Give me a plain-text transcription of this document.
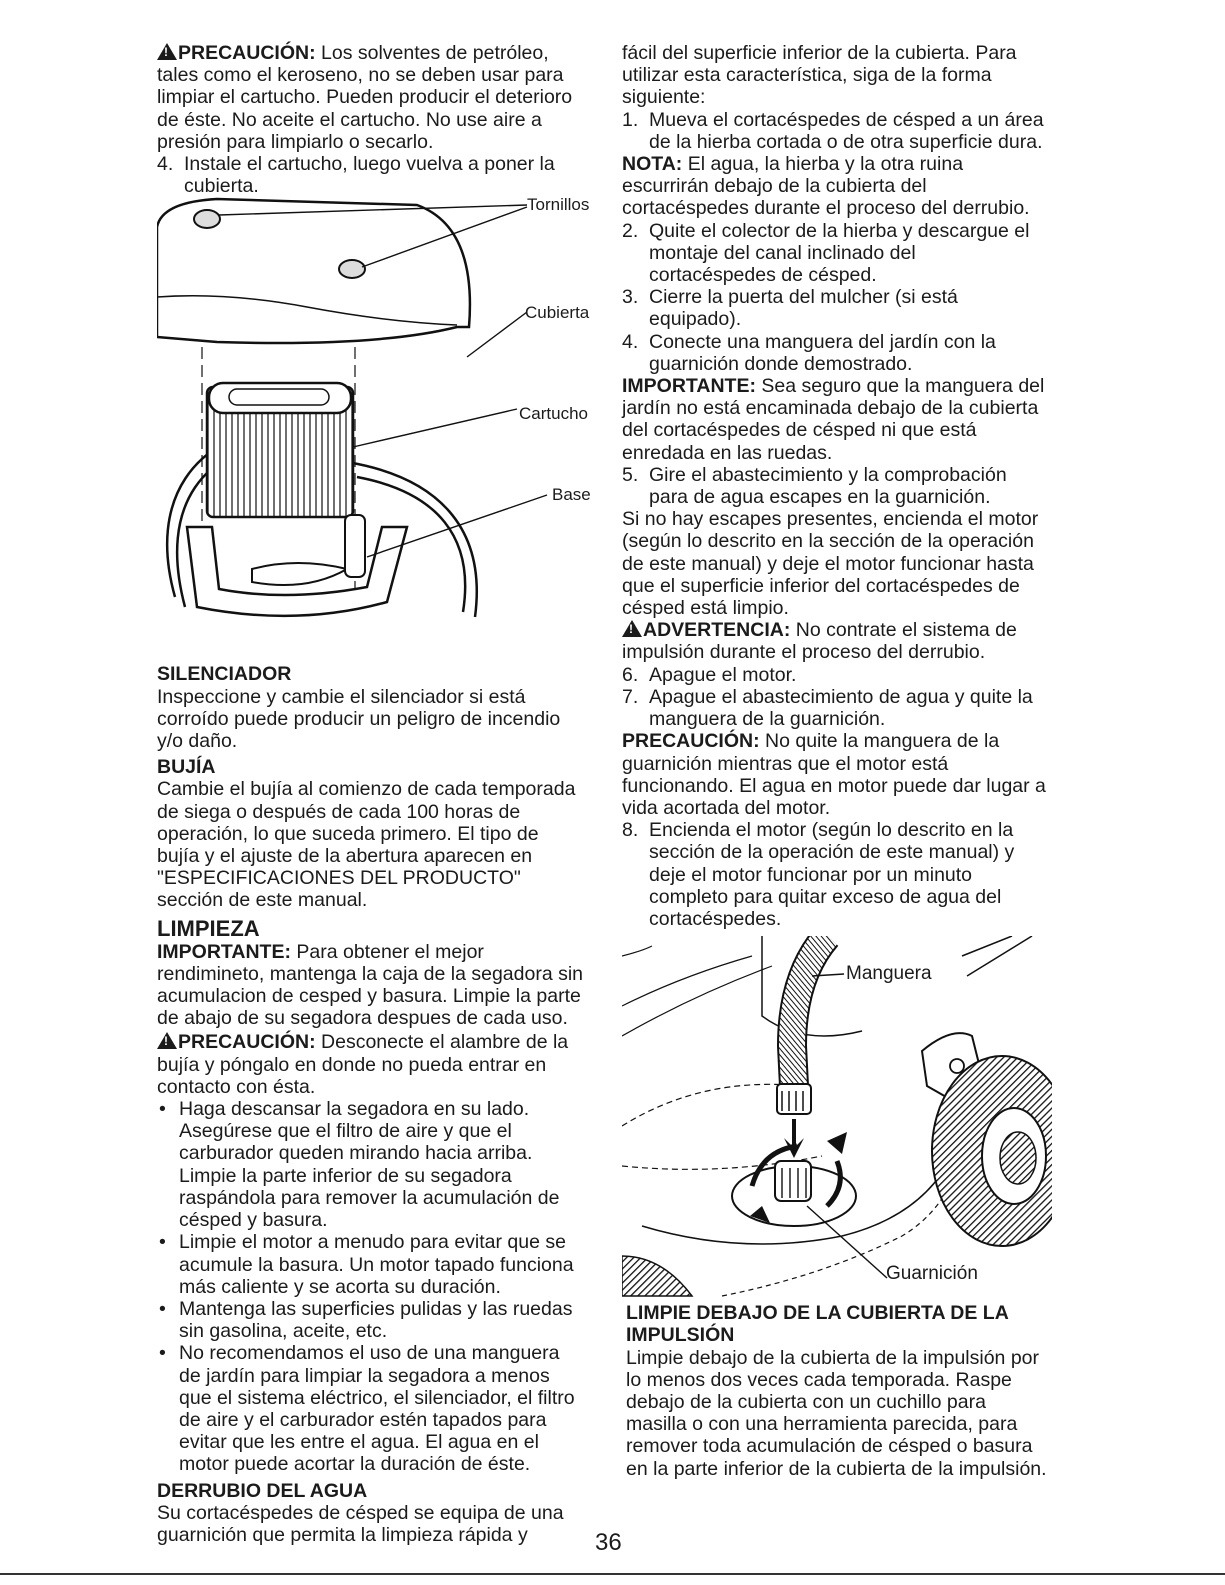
!PRECAUCIÓN: Los solventes de petróleo, tales como el keroseno, no se deben usar para limpiar el cartucho. Pueden producir el deterioro de éste. No aceite el cartucho. No use aire a presión para limpiarlo o secarlo.

4. Instale el cartucho, luego vuelva a poner la cubierta.
Tornillos
Cubierta
Cartucho
Base

SILENCIADOR

Inspeccione y cambie el silenciador si está corroído puede producir un peligro de incendio y/o daño.

BUJÍA

Cambie el bujía al comienzo de cada temporada de siega o después de cada 100 horas de operación, lo que suceda primero. El tipo de bujía y el ajuste de la abertura aparecen en "ESPECIFICACIONES DEL PRODUCTO" sección de este manual.

LIMPIEZA

IMPORTANTE: Para obtener el mejor rendimineto, mantenga la caja de la segadora sin acumulacion de cesped y basura. Limpie la parte de abajo de su segadora despues de cada uso.

!PRECAUCIÓN: Desconecte el alambre de la bujía y póngalo en donde no pueda entrar en contacto con ésta.

• Haga descansar la segadora en su lado. Asegúrese que el filtro de aire y que el carburador queden mirando hacia arriba. Limpie la parte inferior de su segadora raspándola para remover la acumulación de césped y basura.
• Limpie el motor a menudo para evitar que se acumule la basura. Un motor tapado funciona más caliente y se acorta su duración.
• Mantenga las superficies pulidas y las ruedas sin gasolina, aceite, etc.
• No recomendamos el uso de una manguera de jardín para limpiar la segadora a menos que el sistema eléctrico, el silenciador, el filtro de aire y el carburador estén tapados para evitar que les entre el agua. El agua en el motor puede acortar la duración de éste.

DERRUBIO DEL AGUA

Su cortacéspedes de césped se equipa de una guarnición que permita la limpieza rápida y

fácil del superficie inferior de la cubierta. Para utilizar esta característica, siga de la forma siguiente:

1. Mueva el cortacéspedes de césped a un área de la hierba cortada o de otra superficie dura.

NOTA: El agua, la hierba y la otra ruina escurrirán debajo de la cubierta del cortacéspedes durante el proceso del derrubio.

2. Quite el colector de la hierba y descargue el montaje del canal inclinado del cortacéspedes de césped.
3. Cierre la puerta del mulcher (si está equipado).
4. Conecte una manguera del jardín con la guarnición donde demostrado.

IMPORTANTE: Sea seguro que la manguera del jardín no está encaminada debajo de la cubierta del cortacéspedes de césped ni que está enredada en las ruedas.

5. Gire el abastecimiento y la comprobación para de agua escapes en la guarnición.

Si no hay escapes presentes, encienda el motor (según lo descrito en la sección de la operación de este manual) y deje el motor funcionar hasta que el superficie inferior del cortacéspedes de césped está limpio.

!ADVERTENCIA: No contrate el sistema de impulsión durante el proceso del derrubio.

6. Apague el motor.
7. Apague el abastecimiento de agua y quite la manguera de la guarnición.

PRECAUCIÓN: No quite la manguera de la guarnición mientras que el motor está funcionando. El agua en motor puede dar lugar a vida acortada del motor.

8. Encienda el motor (según lo descrito en la sección de la operación de este manual) y deje el motor funcionar por un minuto completo para quitar exceso de agua del cortacéspedes.
Manguera
Guarnición

LIMPIE DEBAJO DE LA CUBIERTA DE LA IMPULSIÓN

Limpie debajo de la cubierta de la impulsión por lo menos dos veces cada temporada. Raspe debajo de la cubierta con un cuchillo para masilla o con una herramienta parecida, para remover toda acumulación de césped o basura en la parte inferior de la cubierta de la impulsión.

36
